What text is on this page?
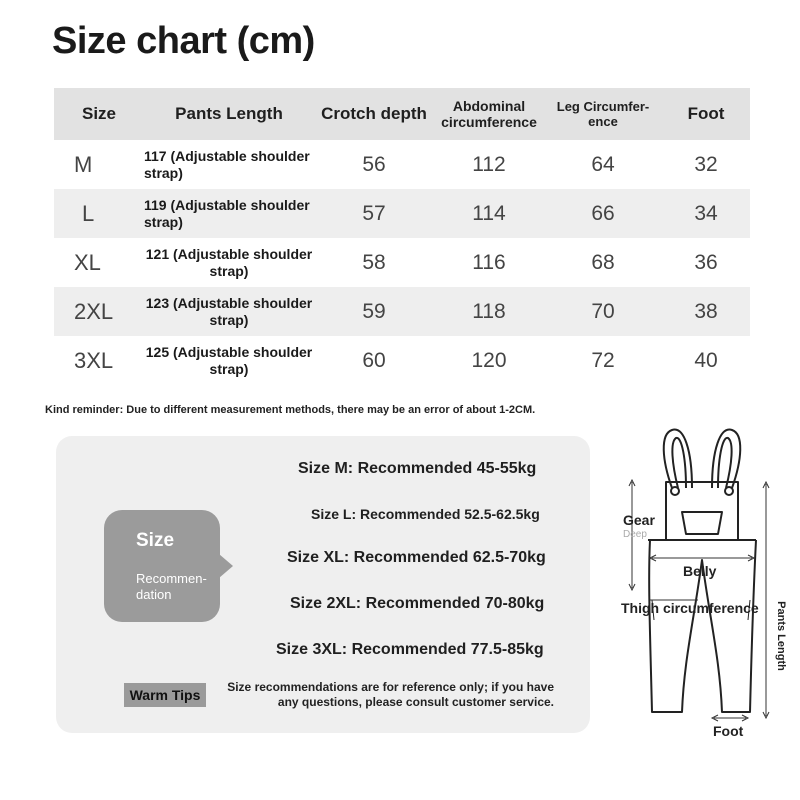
Size chart (cm)
Size	Pants Length	Crotch depth	Abdominal circumference	Leg Circumfer- ence	Foot
M	117 (Adjustable shoulder strap)	56	112	64	32
L	119 (Adjustable shoulder strap)	57	114	66	34
XL	121 (Adjustable shoulder strap)	58	116	68	36
2XL	123 (Adjustable shoulder strap)	59	118	70	38
3XL	125 (Adjustable shoulder strap)	60	120	72	40
Kind reminder: Due to different measurement methods, there may be an error of about 1-2CM.
Size
Recommen- dation
Size M: Recommended 45-55kg
Size L: Recommended 52.5-62.5kg
Size XL: Recommended 62.5-70kg
Size 2XL: Recommended 70-80kg
Size 3XL: Recommended 77.5-85kg
Warm Tips	Size recommendations are for reference only; if you have any questions, please consult customer service.
Gear
Deep
Belly
Thigh circumference Pants Length
Foot
